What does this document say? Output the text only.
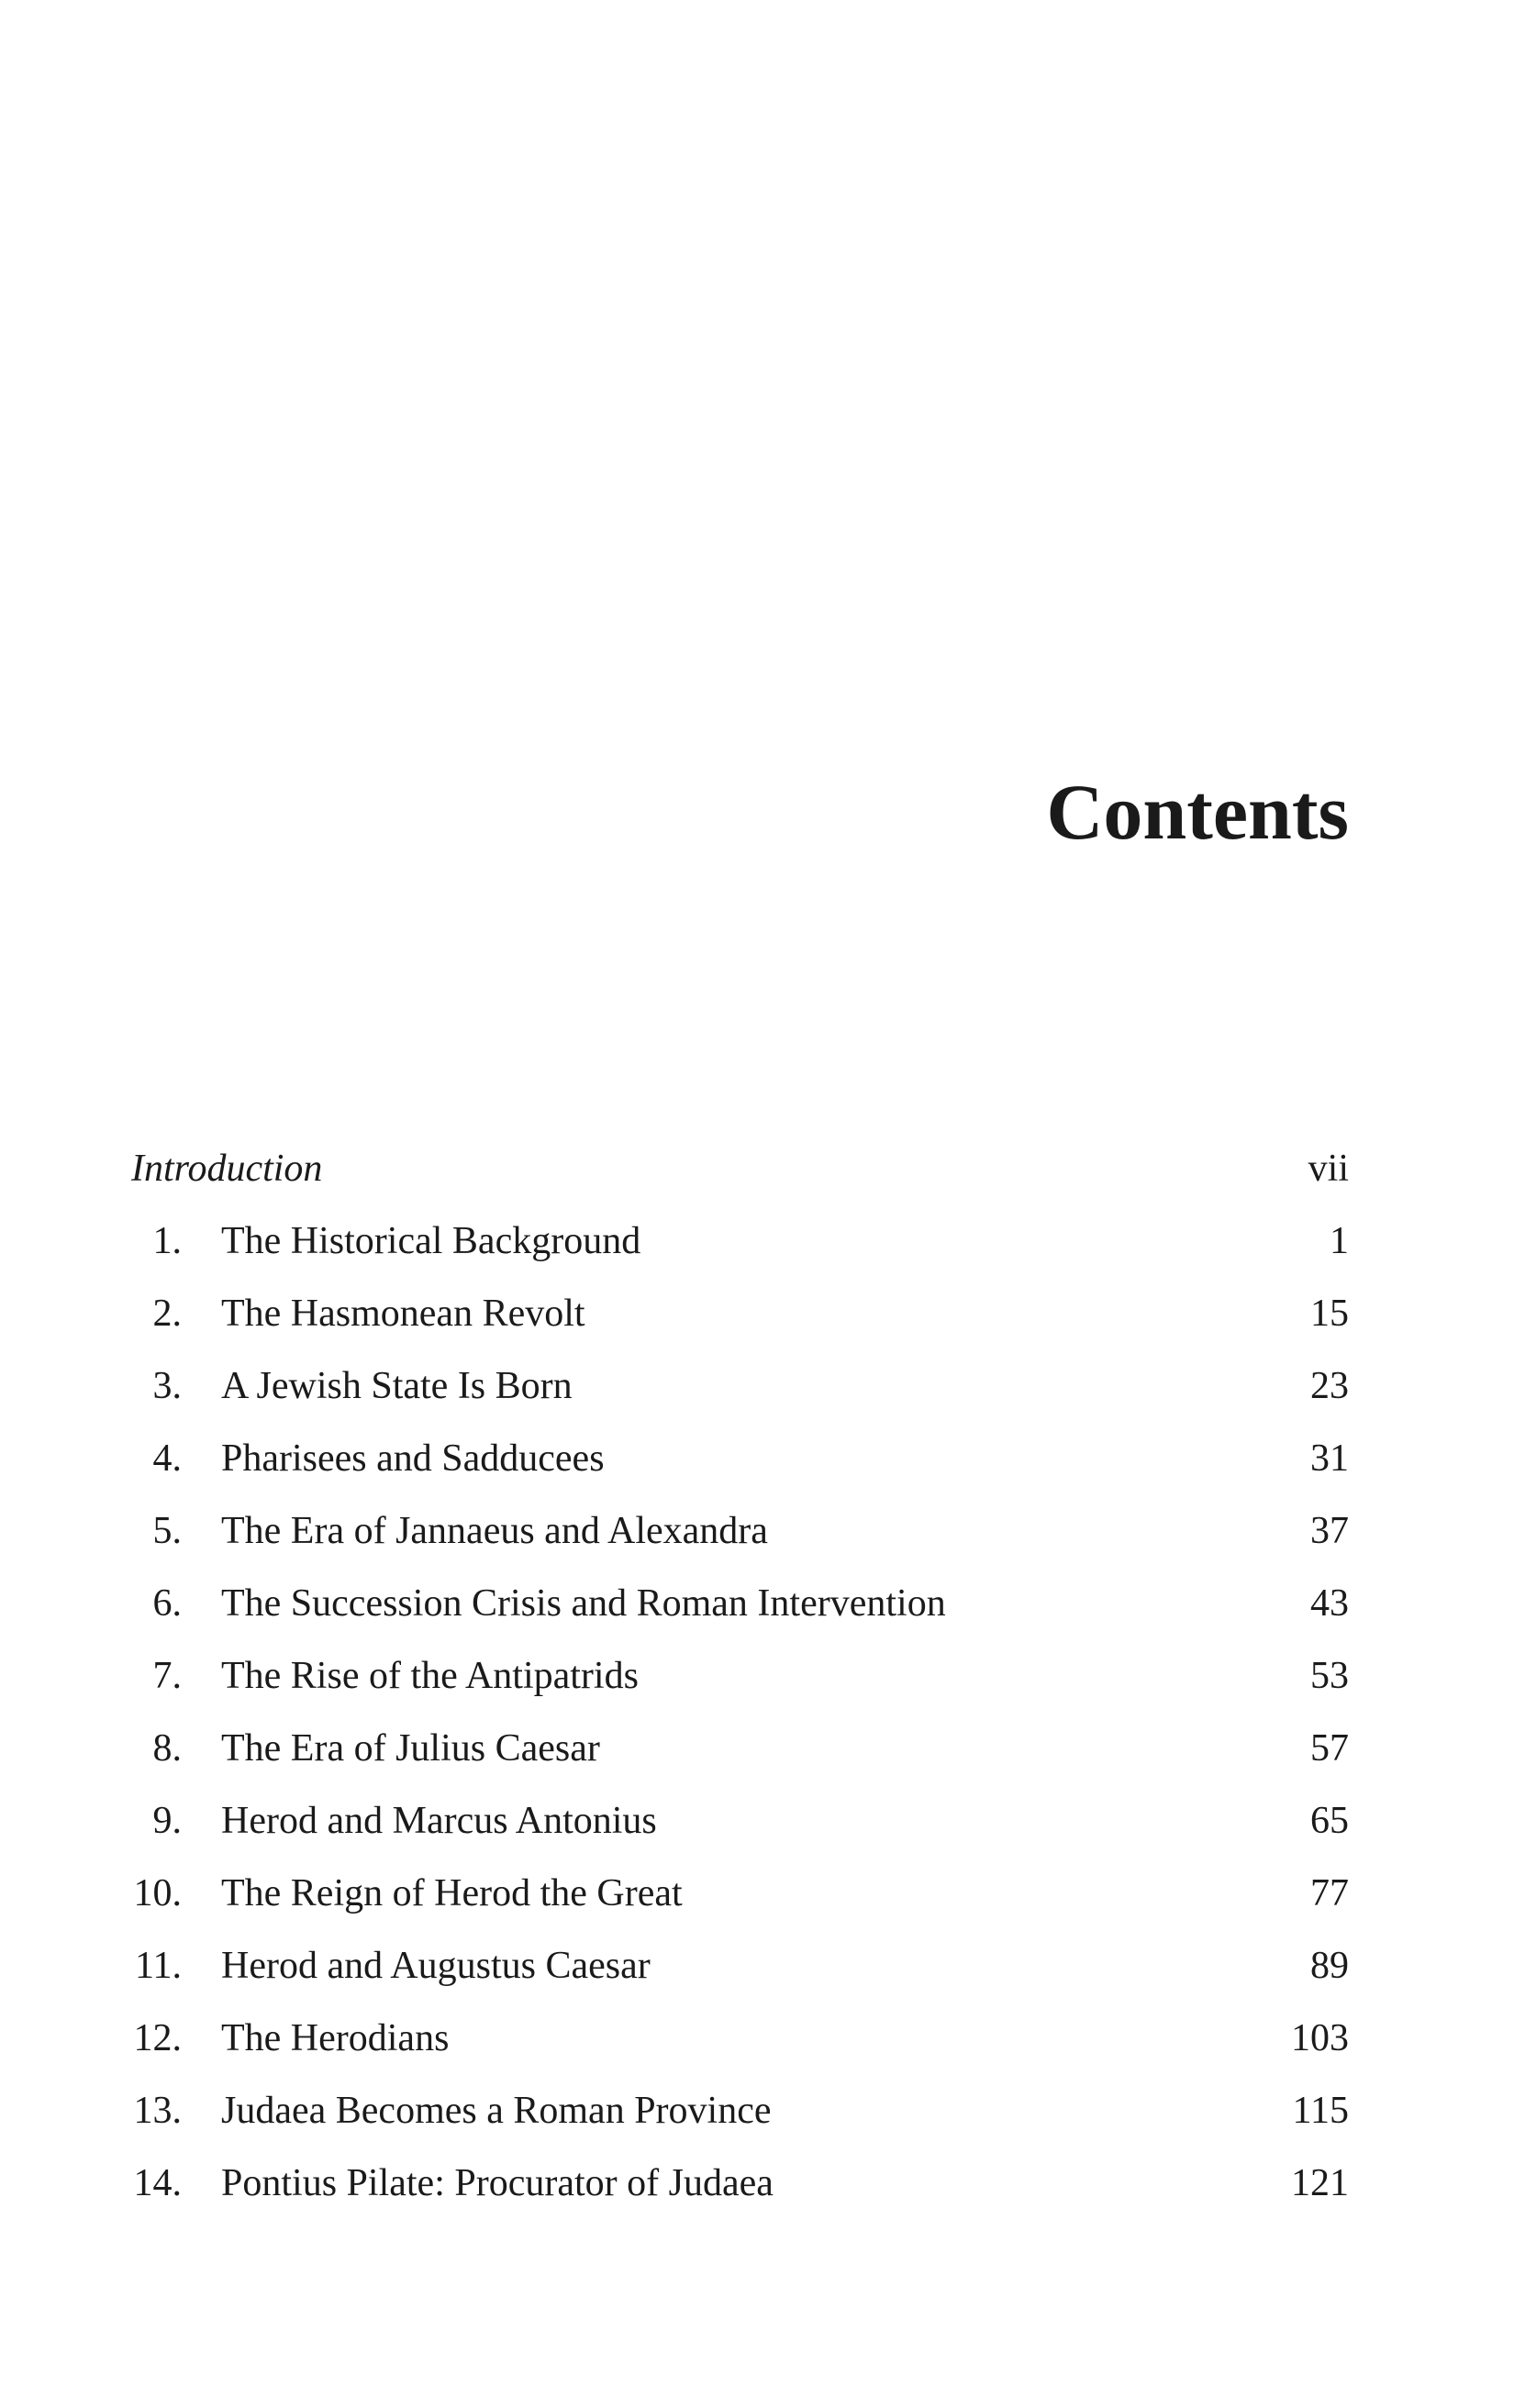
Contents
Introduction	vii
1. The Historical Background	1
2. The Hasmonean Revolt	15
3. A Jewish State Is Born	23
4. Pharisees and Sadducees	31
5. The Era of Jannaeus and Alexandra	37
6. The Succession Crisis and Roman Intervention	43
7. The Rise of the Antipatrids	53
8. The Era of Julius Caesar	57
9. Herod and Marcus Antonius	65
10. The Reign of Herod the Great	77
11. Herod and Augustus Caesar	89
12. The Herodians	103
13. Judaea Becomes a Roman Province	115
14. Pontius Pilate: Procurator of Judaea	121
